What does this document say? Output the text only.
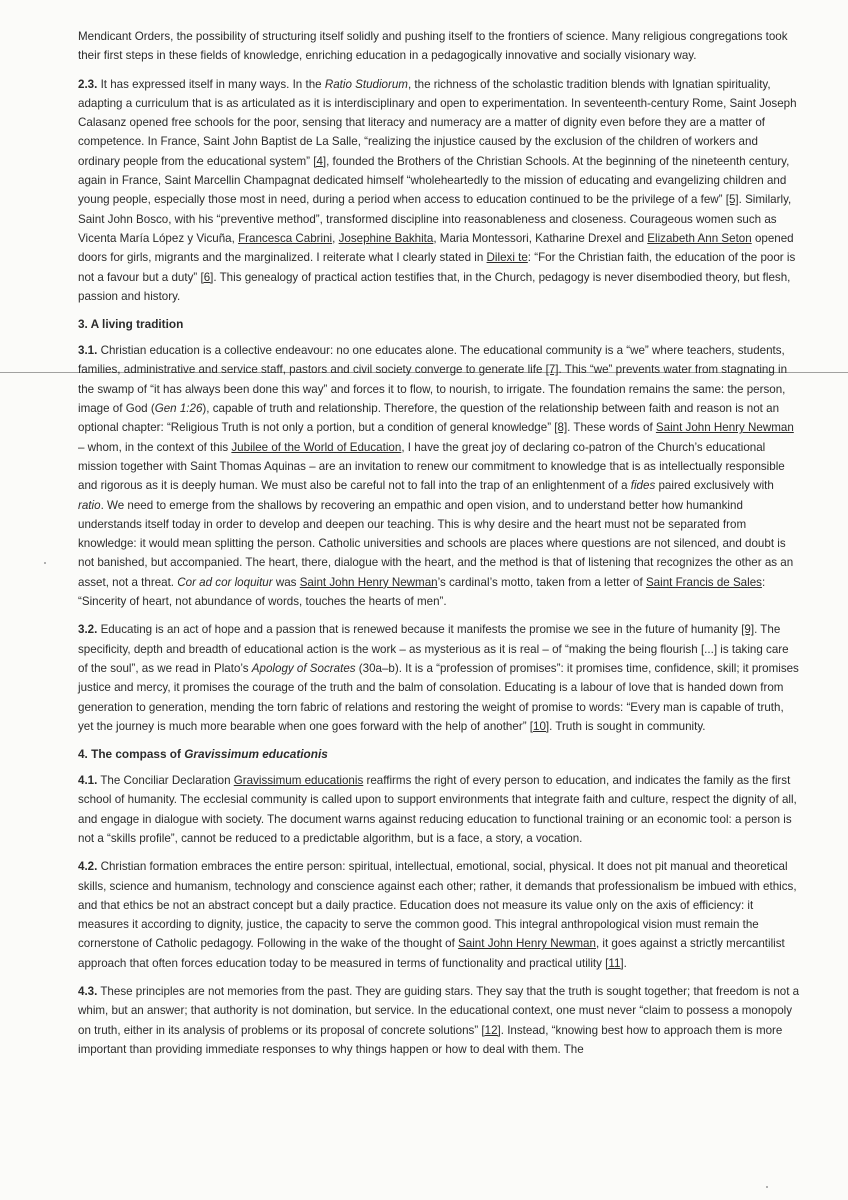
Mendicant Orders, the possibility of structuring itself solidly and pushing itself to the frontiers of science. Many religious congregations took their first steps in these fields of knowledge, enriching education in a pedagogically innovative and socially visionary way.

2.3. It has expressed itself in many ways. In the Ratio Studiorum, the richness of the scholastic tradition blends with Ignatian spirituality, adapting a curriculum that is as articulated as it is interdisciplinary and open to experimentation. In seventeenth-century Rome, Saint Joseph Calasanz opened free schools for the poor, sensing that literacy and numeracy are a matter of dignity even before they are a matter of competence. In France, Saint John Baptist de La Salle, “realizing the injustice caused by the exclusion of the children of workers and ordinary people from the educational system” [4], founded the Brothers of the Christian Schools. At the beginning of the nineteenth century, again in France, Saint Marcellin Champagnat dedicated himself “wholeheartedly to the mission of educating and evangelizing children and young people, especially those most in need, during a period when access to education continued to be the privilege of a few” [5]. Similarly, Saint John Bosco, with his “preventive method”, transformed discipline into reasonableness and closeness. Courageous women such as Vicenta María López y Vicuña, Francesca Cabrini, Josephine Bakhita, Maria Montessori, Katharine Drexel and Elizabeth Ann Seton opened doors for girls, migrants and the marginalized. I reiterate what I clearly stated in Dilexi te: “For the Christian faith, the education of the poor is not a favour but a duty” [6]. This genealogy of practical action testifies that, in the Church, pedagogy is never disembodied theory, but flesh, passion and history.

3. A living tradition

3.1. Christian education is a collective endeavour: no one educates alone. The educational community is a “we” where teachers, students, families, administrative and service staff, pastors and civil society converge to generate life [7]. This “we” prevents water from stagnating in the swamp of “it has always been done this way” and forces it to flow, to nourish, to irrigate. The foundation remains the same: the person, image of God (Gen 1:26), capable of truth and relationship. Therefore, the question of the relationship between faith and reason is not an optional chapter: “Religious Truth is not only a portion, but a condition of general knowledge” [8]. These words of Saint John Henry Newman – whom, in the context of this Jubilee of the World of Education, I have the great joy of declaring co-patron of the Church’s educational mission together with Saint Thomas Aquinas – are an invitation to renew our commitment to knowledge that is as intellectually responsible and rigorous as it is deeply human. We must also be careful not to fall into the trap of an enlightenment of a fides paired exclusively with ratio. We need to emerge from the shallows by recovering an empathic and open vision, and to understand better how humankind understands itself today in order to develop and deepen our teaching. This is why desire and the heart must not be separated from knowledge: it would mean splitting the person. Catholic universities and schools are places where questions are not silenced, and doubt is not banished, but accompanied. The heart, there, dialogue with the heart, and the method is that of listening that recognizes the other as an asset, not a threat. Cor ad cor loquitur was Saint John Henry Newman’s cardinal’s motto, taken from a letter of Saint Francis de Sales: “Sincerity of heart, not abundance of words, touches the hearts of men”.

3.2. Educating is an act of hope and a passion that is renewed because it manifests the promise we see in the future of humanity [9]. The specificity, depth and breadth of educational action is the work – as mysterious as it is real – of “making the being flourish [...] is taking care of the soul”, as we read in Plato’s Apology of Socrates (30a–b). It is a “profession of promises”: it promises time, confidence, skill; it promises justice and mercy, it promises the courage of the truth and the balm of consolation. Educating is a labour of love that is handed down from generation to generation, mending the torn fabric of relations and restoring the weight of promise to words: “Every man is capable of truth, yet the journey is much more bearable when one goes forward with the help of another” [10]. Truth is sought in community.

4. The compass of Gravissimum educationis

4.1. The Conciliar Declaration Gravissimum educationis reaffirms the right of every person to education, and indicates the family as the first school of humanity. The ecclesial community is called upon to support environments that integrate faith and culture, respect the dignity of all, and engage in dialogue with society. The document warns against reducing education to functional training or an economic tool: a person is not a “skills profile”, cannot be reduced to a predictable algorithm, but is a face, a story, a vocation.

4.2. Christian formation embraces the entire person: spiritual, intellectual, emotional, social, physical. It does not pit manual and theoretical skills, science and humanism, technology and conscience against each other; rather, it demands that professionalism be imbued with ethics, and that ethics be not an abstract concept but a daily practice. Education does not measure its value only on the axis of efficiency: it measures it according to dignity, justice, the capacity to serve the common good. This integral anthropological vision must remain the cornerstone of Catholic pedagogy. Following in the wake of the thought of Saint John Henry Newman, it goes against a strictly mercantilist approach that often forces education today to be measured in terms of functionality and practical utility [11].

4.3. These principles are not memories from the past. They are guiding stars. They say that the truth is sought together; that freedom is not a whim, but an answer; that authority is not domination, but service. In the educational context, one must never “claim to possess a monopoly on truth, either in its analysis of problems or its proposal of concrete solutions” [12]. Instead, “knowing best how to approach them is more important than providing immediate responses to why things happen or how to deal with them. The
